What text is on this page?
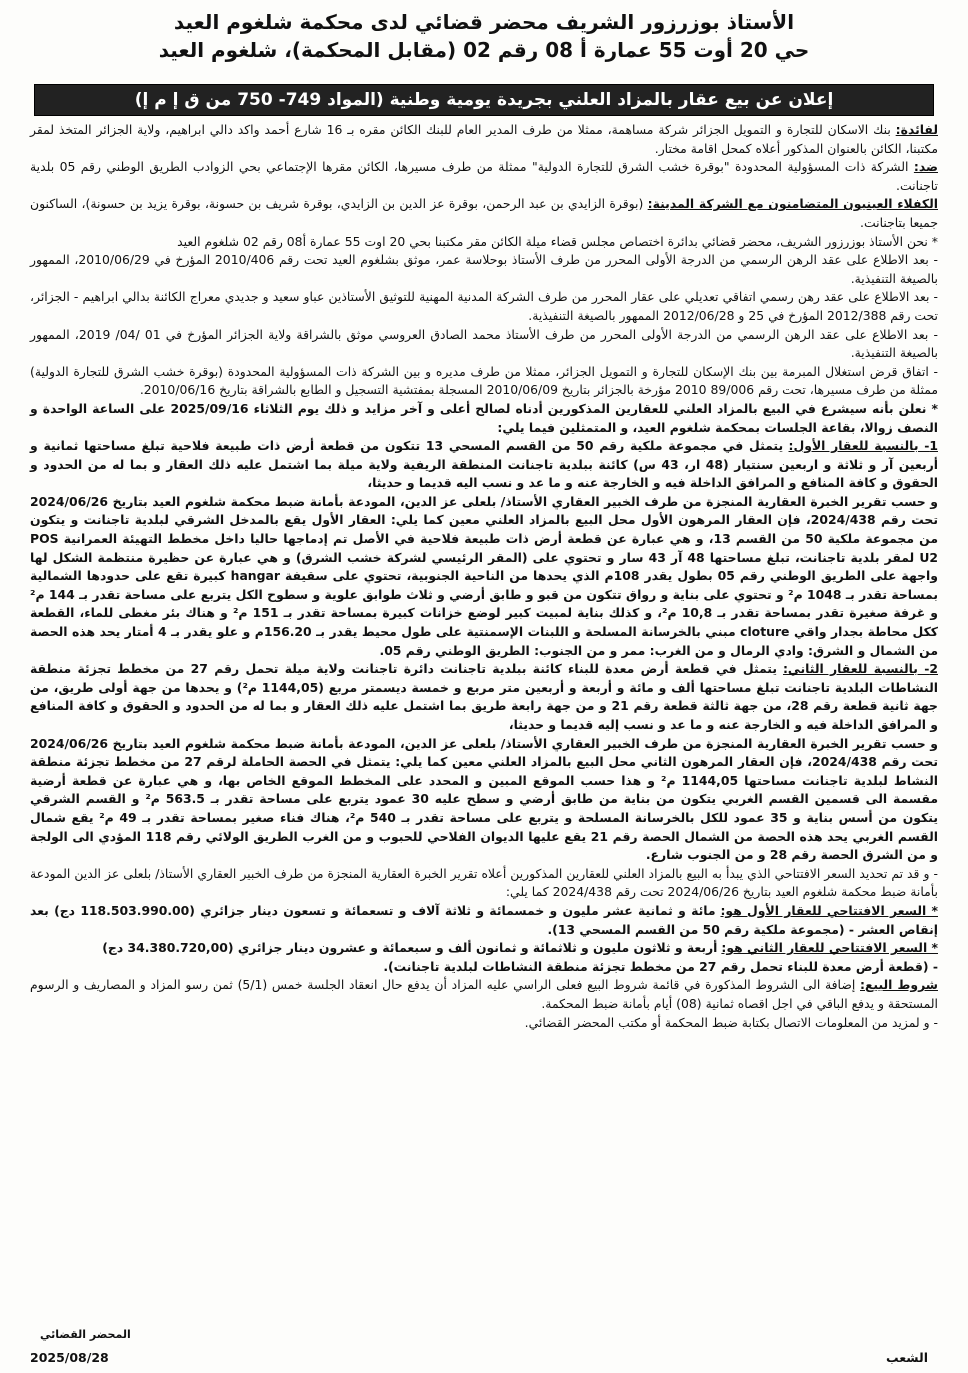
الأستاذ بوزرزور الشريف محضر قضائي لدى محكمة شلغوم العيد
حي 20 أوت 55 عمارة أ 08 رقم 02 (مقابل المحكمة)، شلغوم العيد
إعلان عن بيع عقار بالمزاد العلني بجريدة يومية وطنية (المواد 749- 750 من ق إ م إ)

لفائدة: بنك الاسكان للتجارة و التمويل الجزائر شركة مساهمة، ممثلا من طرف المدير العام للبنك الكائن مقره بـ 16 شارع أحمد واكد دالي ابراهيم، ولاية الجزائر المتخذ لمقر مكتبنا، الكائن بالعنوان المذكور أعلاه كمحل اقامة مختار.

ضد: الشركة ذات المسؤولية المحدودة "بوقرة خشب الشرق للتجارة الدولية" ممثلة من طرف مسيرها، الكائن مقرها الإجتماعي بحي الزوادب الطريق الوطني رقم 05 بلدية تاجنانت.

الكفلاء العينيون المتضامنون مع الشركة المدينة: (بوقرة الزايدي بن عبد الرحمن، بوقرة عز الدين بن الزايدي، بوقرة شريف بن حسونة، بوقرة يزيد بن حسونة)، الساكنون جميعا بتاجنانت.

* نحن الأستاذ بوزرزور الشريف، محضر قضائي بدائرة اختصاص مجلس قضاء ميلة الكائن مقر مكتبنا بحي 20 اوت 55 عمارة أ08 رقم 02 شلغوم العيد

- بعد الاطلاع على عقد الرهن الرسمي من الدرجة الأولى المحرر من طرف الأستاذ بوحلاسة عمر، موثق بشلغوم العيد تحت رقم 2010/406 المؤرخ في 2010/06/29، الممهور بالصيغة التنفيذية.

- بعد الاطلاع على عقد رهن رسمي اتفاقي تعديلي على عقار المحرر من طرف الشركة المدنية المهنية للتوثيق الأستاذين عباو سعيد و جديدي معراج الكائنة بدالي ابراهيم - الجزائر، تحت رقم 2012/388 المؤرخ في 25 و 2012/06/28 الممهور بالصيغة التنفيذية.

- بعد الاطلاع على عقد الرهن الرسمي من الدرجة الأولى المحرر من طرف الأستاذ محمد الصادق العروسي موثق بالشراقة ولاية الجزائر المؤرخ في 01 /04/ 2019، الممهور بالصيغة التنفيذية.

- اتفاق قرض استغلال المبرمة بين بنك الإسكان للتجارة و التمويل الجزائر، ممثلا من طرف مديره و بين الشركة ذات المسؤولية المحدودة (بوقرة خشب الشرق للتجارة الدولية) ممثلة من طرف مسيرها، تحت رقم 89/006 2010 مؤرخة بالجزائر بتاريخ 2010/06/09 المسجلة بمفتشية التسجيل و الطابع بالشراقة بتاريخ 2010/06/16.

* نعلن بأنه سيشرع في البيع بالمزاد العلني للعقارين المذكورين أدناه لصالح أعلى و آخر مزايد و ذلك يوم الثلاثاء 2025/09/16 على الساعة الواحدة و النصف زوالا، بقاعة الجلسات بمحكمة شلغوم العيد، و المتمثلين فيما يلي:

1- بالنسبة للعقار الأول: يتمثل في مجموعة ملكية رقم 50 من القسم المسحي 13 تتكون من قطعة أرض ذات طبيعة فلاحية تبلغ مساحتها ثمانية و أربعين آر و ثلاثة و اربعين سنتيار (48 ار، 43 س) كائنة ببلدية تاجنانت المنطقة الريفية ولاية ميلة بما اشتمل عليه ذلك العقار و بما له من الحدود و الحقوق و كافة المنافع و المرافق الداخلة فيه و الخارجة عنه و ما عد و نسب اليه قديما و حديثا،

و حسب تقرير الخبرة العقارية المنجزة من طرف الخبير العقاري الأستاذ/ بلعلى عز الدين، المودعة بأمانة ضبط محكمة شلغوم العيد بتاريخ 2024/06/26 تحت رقم 2024/438، فإن العقار المرهون الأول محل البيع بالمزاد العلني معين كما يلي: العقار الأول يقع بالمدخل الشرقي لبلدية تاجنانت و يتكون من مجموعة ملكية 50 من القسم 13، و هي عبارة عن قطعة أرض ذات طبيعة فلاحية في الأصل تم إدماجها حاليا داخل مخطط التهيئة العمرانية POS U2 لمقر بلدية تاجنانت، تبلغ مساحتها 48 آر 43 سار و تحتوي على (المقر الرئيسي لشركة خشب الشرق) و هي عبارة عن حظيرة منتظمة الشكل لها واجهة على الطريق الوطني رقم 05 بطول يقدر 108م الذي يحدها من الناحية الجنوبية، تحتوي على سقيفة hangar كبيرة تقع على حدودها الشمالية بمساحة تقدر بـ 1048 م² و تحتوي على بناية و رواق تتكون من قبو و طابق أرضي و ثلاث طوابق علوية و سطوح الكل يتربع على مساحة تقدر بـ 144 م² و غرفة صغيرة تقدر بمساحة تقدر بـ 10,8 م²، و كذلك بناية لمبيت كبير لوضع خزانات كبيرة بمساحة تقدر بـ 151 م² و هناك بئر مغطى للماء، القطعة ككل محاطة بجدار واقي cloture مبني بالخرسانة المسلحة و اللبنات الإسمنتية على طول محيط يقدر بـ 156.20م و علو يقدر بـ 4 أمتار يحد هذه الحصة من الشمال و الشرق: وادي الرمال و من الغرب: ممر و من الجنوب: الطريق الوطني رقم 05.

2- بالنسبة للعقار الثاني: يتمثل في قطعة أرض معدة للبناء كائنة ببلدية تاجنانت دائرة تاجنانت ولاية ميلة تحمل رقم 27 من مخطط تجزئة منطقة النشاطات البلدية تاجنانت تبلغ مساحتها ألف و مائة و أربعة و أربعين متر مربع و خمسة ديسمتر مربع (1144,05 م²) و يحدها من جهة أولى طريق، من جهة ثانية قطعة رقم 28، من جهة ثالثة قطعة رقم 21 و من جهة رابعة طريق بما اشتمل عليه ذلك العقار و بما له من الحدود و الحقوق و كافة المنافع و المرافق الداخلة فيه و الخارجة عنه و ما عد و نسب إليه قديما و حديثا،

و حسب تقرير الخبرة العقارية المنجزة من طرف الخبير العقاري الأستاذ/ بلعلى عز الدين، المودعة بأمانة ضبط محكمة شلغوم العيد بتاريخ 2024/06/26 تحت رقم 2024/438، فإن العقار المرهون الثاني محل البيع بالمزاد العلني معين كما يلي: يتمثل في الحصة الحاملة لرقم 27 من مخطط تجزئة منطقة النشاط لبلدية تاجنانت مساحتها 1144,05 م² و هذا حسب الموقع المبين و المحدد على المخطط الموقع الخاص بها، و هي عبارة عن قطعة أرضية مقسمة الى قسمين القسم الغربي يتكون من بناية من طابق أرضي و سطح عليه 30 عمود يتربع على مساحة تقدر بـ 563.5 م² و القسم الشرقي يتكون من أسس بناية و 35 عمود للكل بالخرسانة المسلحة و يتربع على مساحة تقدر بـ 540 م²، هناك فناء صغير بمساحة تقدر بـ 49 م² يقع شمال القسم الغربي يحد هذه الحصة من الشمال الحصة رقم 21 يقع عليها الديوان الفلاحي للحبوب و من الغرب الطريق الولائي رقم 118 المؤدي الى الولجة و من الشرق الحصة رقم 28 و من الجنوب شارع.

- و قد تم تحديد السعر الافتتاحي الذي يبدأ به البيع بالمزاد العلني للعقارين المذكورين أعلاه تقرير الخبرة العقارية المنجزة من طرف الخبير العقاري الأستاذ/ بلعلى عز الدين المودعة بأمانة ضبط محكمة شلغوم العيد بتاريخ 2024/06/26 تحت رقم 2024/438 كما يلي:

* السعر الافتتاحي للعقار الأول هو: مائة و ثمانية عشر مليون و خمسمائة و ثلاثة آلاف و تسعمائة و تسعون دينار جزائري (118.503.990.00 دج) بعد إنقاص العشر - (مجموعة ملكية رقم 50 من القسم المسحي 13).

* السعر الافتتاحي للعقار الثاني هو: أربعة و ثلاثون مليون و ثلاثمائة و ثمانون ألف و سبعمائة و عشرون دينار جزائري (34.380.720,00 دج)

- (قطعة أرض معدة للبناء تحمل رقم 27 من مخطط تجزئة منطقة النشاطات لبلدية تاجنانت).

شروط البيع: إضافة الى الشروط المذكورة في قائمة شروط البيع فعلى الراسي عليه المزاد أن يدفع حال انعقاد الجلسة خمس (5/1) ثمن رسو المزاد و المصاريف و الرسوم المستحقة و يدفع الباقي في اجل اقصاه ثمانية (08) أيام بأمانة ضبط المحكمة.

- و لمزيد من المعلومات الاتصال بكتابة ضبط المحكمة أو مكتب المحضر القضائي.

المحضر القضائي
الشعب
2025/08/28
